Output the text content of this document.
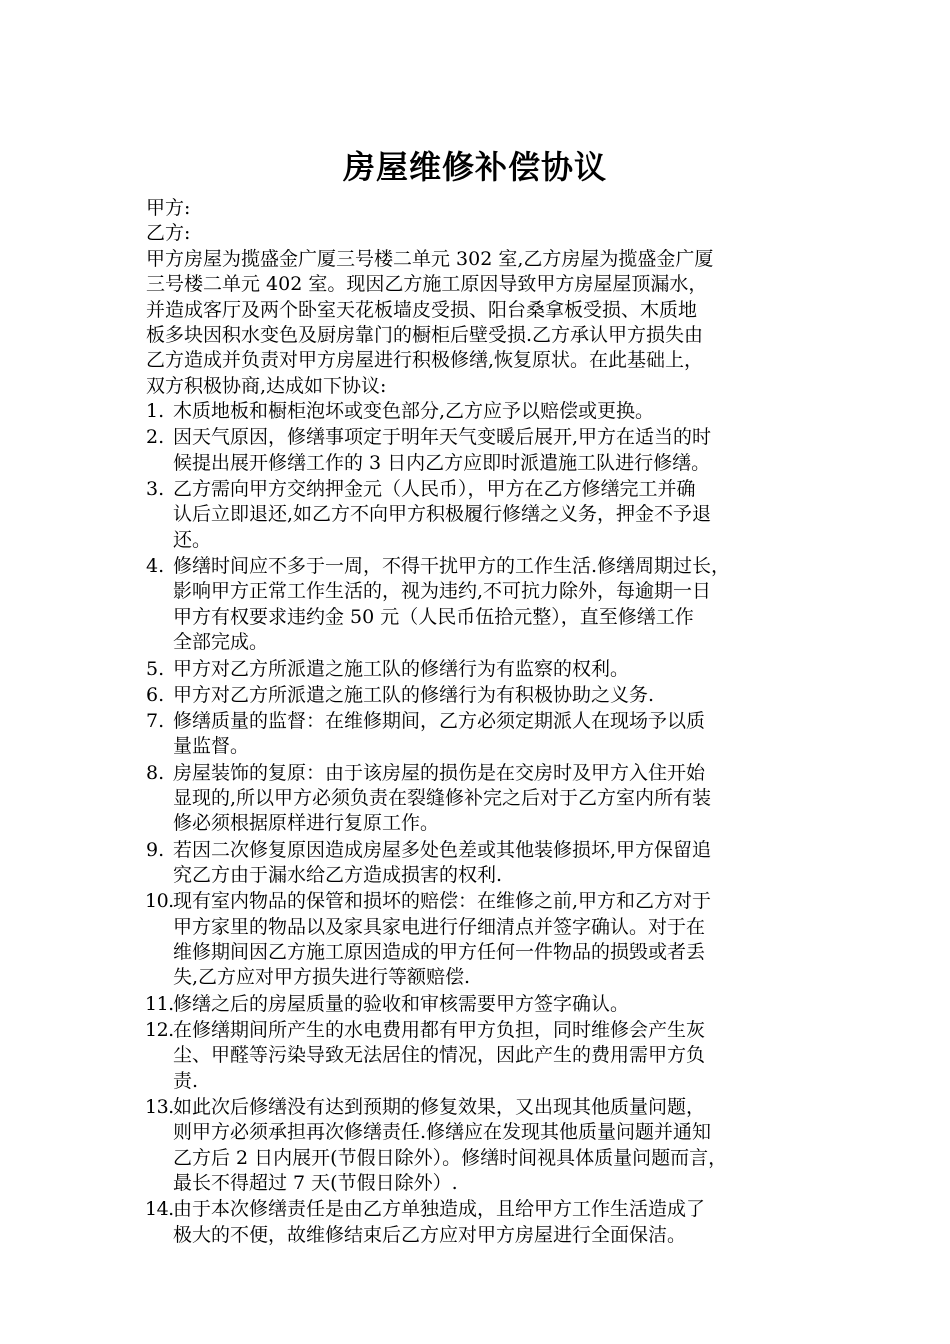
房屋维修补偿协议
甲方:
乙方:
甲方房屋为揽盛金广厦三号楼二单元 302 室,乙方房屋为揽盛金广厦
三号楼二单元 402 室。现因乙方施工原因导致甲方房屋屋顶漏水，
并造成客厅及两个卧室天花板墙皮受损、阳台桑拿板受损、木质地
板多块因积水变色及厨房靠门的橱柜后壁受损.乙方承认甲方损失由
乙方造成并负责对甲方房屋进行积极修缮,恢复原状。在此基础上，
双方积极协商,达成如下协议:
1. 木质地板和橱柜泡坏或变色部分,乙方应予以赔偿或更换。
2. 因天气原因，修缮事项定于明年天气变暖后展开,甲方在适当的时
候提出展开修缮工作的 3 日内乙方应即时派遣施工队进行修缮。
3. 乙方需向甲方交纳押金元（人民币），甲方在乙方修缮完工并确
认后立即退还,如乙方不向甲方积极履行修缮之义务，押金不予退
还。
4. 修缮时间应不多于一周，不得干扰甲方的工作生活.修缮周期过长，
影响甲方正常工作生活的，视为违约,不可抗力除外，每逾期一日
甲方有权要求违约金 50 元（人民币伍拾元整），直至修缮工作
全部完成。
5. 甲方对乙方所派遣之施工队的修缮行为有监察的权利。
6. 甲方对乙方所派遣之施工队的修缮行为有积极协助之义务.
7. 修缮质量的监督：在维修期间，乙方必须定期派人在现场予以质
量监督。
8. 房屋装饰的复原：由于该房屋的损伤是在交房时及甲方入住开始
显现的,所以甲方必须负责在裂缝修补完之后对于乙方室内所有装
修必须根据原样进行复原工作。
9. 若因二次修复原因造成房屋多处色差或其他装修损坏,甲方保留追
究乙方由于漏水给乙方造成损害的权利.
10. 现有室内物品的保管和损坏的赔偿：在维修之前,甲方和乙方对于
甲方家里的物品以及家具家电进行仔细清点并签字确认。对于在
维修期间因乙方施工原因造成的甲方任何一件物品的损毁或者丢
失,乙方应对甲方损失进行等额赔偿.
11. 修缮之后的房屋质量的验收和审核需要甲方签字确认。
12. 在修缮期间所产生的水电费用都有甲方负担，同时维修会产生灰
尘、甲醛等污染导致无法居住的情况，因此产生的费用需甲方负
责.
13. 如此次后修缮没有达到预期的修复效果，又出现其他质量问题，
则甲方必须承担再次修缮责任.修缮应在发现其他质量问题并通知
乙方后 2 日内展开(节假日除外）。修缮时间视具体质量问题而言，
最长不得超过 7 天(节假日除外）.
14. 由于本次修缮责任是由乙方单独造成，且给甲方工作生活造成了
极大的不便，故维修结束后乙方应对甲方房屋进行全面保洁。
